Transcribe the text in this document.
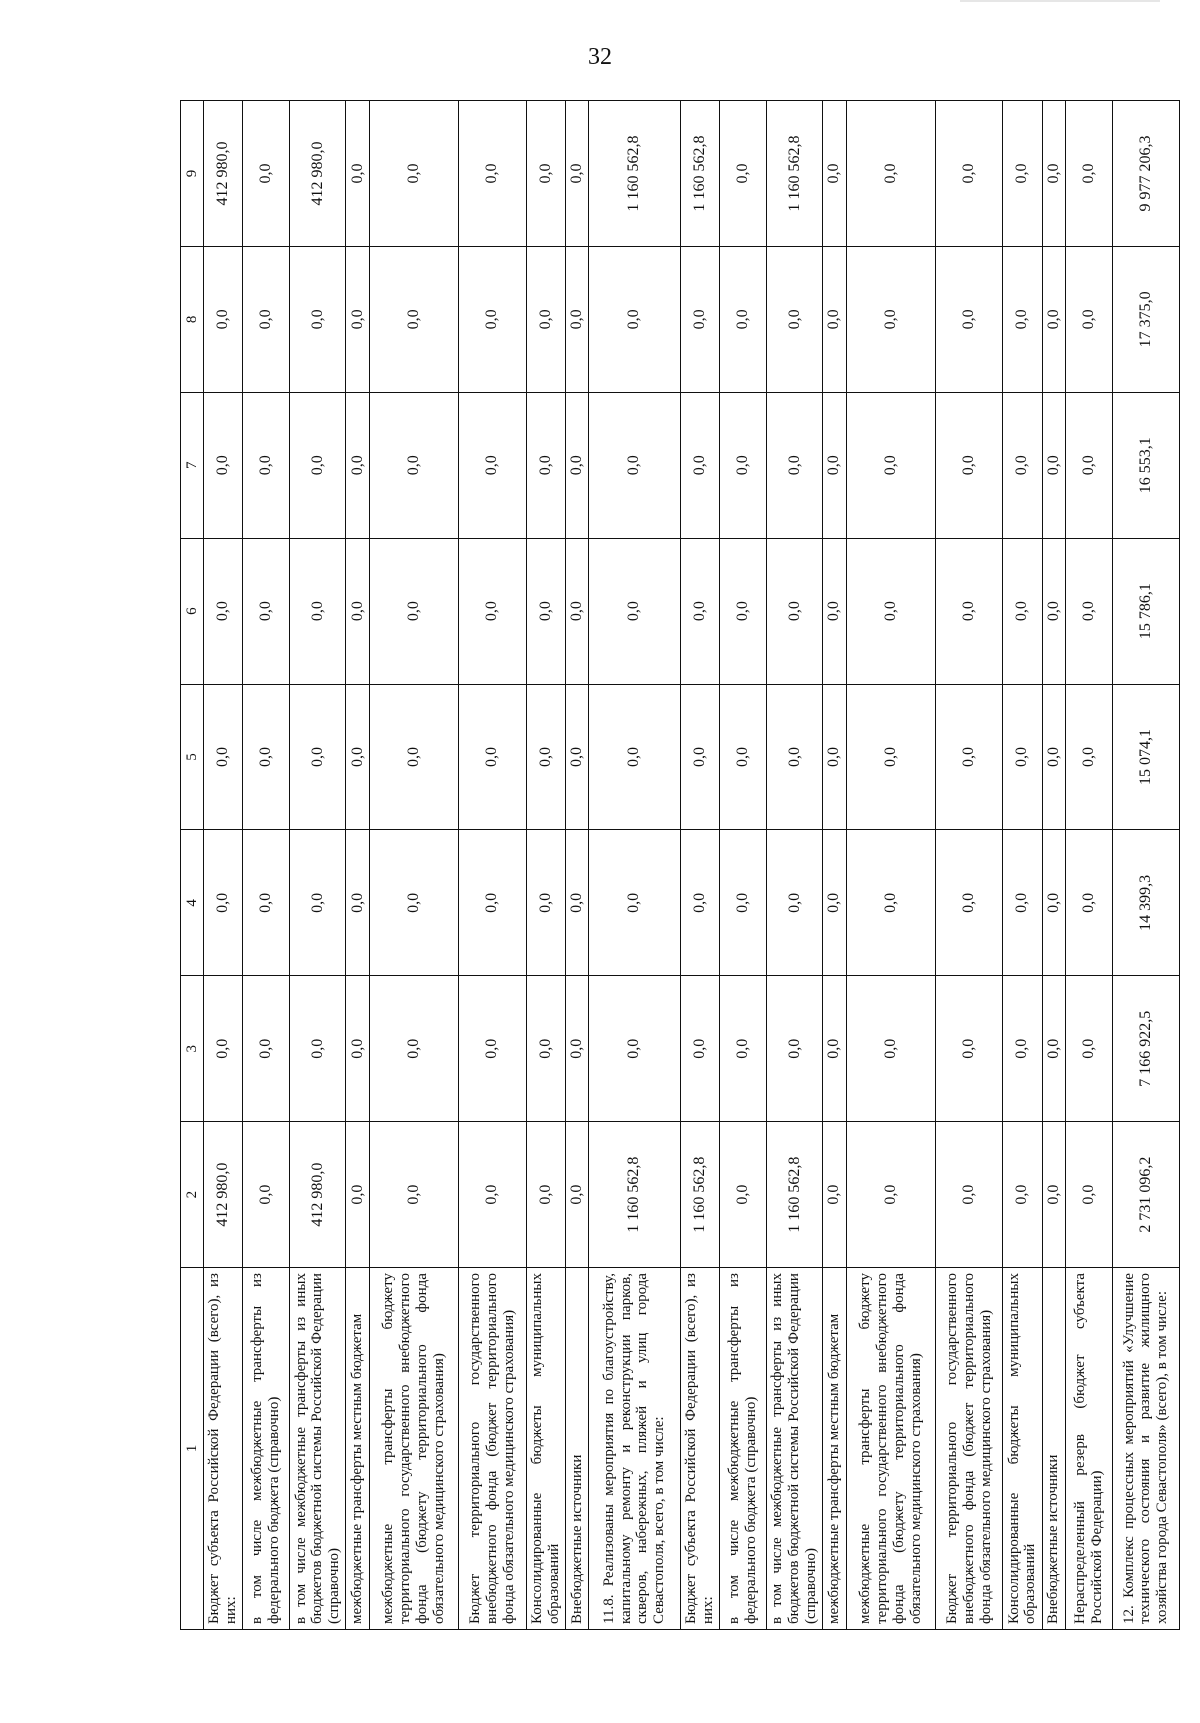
32
1	2	3	4	5	6	7	8	9
Бюджет субъекта Российской Федерации (всего), из них:	412 980,0	0,0	0,0	0,0	0,0	0,0	0,0	412 980,0
в том числе межбюджетные трансферты из федерального бюджета (справочно)	0,0	0,0	0,0	0,0	0,0	0,0	0,0	0,0
в том числе межбюджетные трансферты из иных бюджетов бюджетной системы Российской Федерации (справочно)	412 980,0	0,0	0,0	0,0	0,0	0,0	0,0	412 980,0
межбюджетные трансферты местным бюджетам	0,0	0,0	0,0	0,0	0,0	0,0	0,0	0,0
межбюджетные трансферты бюджету территориального государственного внебюджетного фонда (бюджету территориального фонда обязательного медицинского страхования)	0,0	0,0	0,0	0,0	0,0	0,0	0,0	0,0
Бюджет территориального государственного внебюджетного фонда (бюджет территориального фонда обязательного медицинского страхования)	0,0	0,0	0,0	0,0	0,0	0,0	0,0	0,0
Консолидированные бюджеты муниципальных образований	0,0	0,0	0,0	0,0	0,0	0,0	0,0	0,0
Внебюджетные источники	0,0	0,0	0,0	0,0	0,0	0,0	0,0	0,0
11.8. Реализованы мероприятия по благоустройству, капитальному ремонту и реконструкции парков, скверов, набережных, пляжей и улиц города Севастополя, всего, в том числе:	1 160 562,8	0,0	0,0	0,0	0,0	0,0	0,0	1 160 562,8
Бюджет субъекта Российской Федерации (всего), из них:	1 160 562,8	0,0	0,0	0,0	0,0	0,0	0,0	1 160 562,8
в том числе межбюджетные трансферты из федерального бюджета (справочно)	0,0	0,0	0,0	0,0	0,0	0,0	0,0	0,0
в том числе межбюджетные трансферты из иных бюджетов бюджетной системы Российской Федерации (справочно)	1 160 562,8	0,0	0,0	0,0	0,0	0,0	0,0	1 160 562,8
межбюджетные трансферты местным бюджетам	0,0	0,0	0,0	0,0	0,0	0,0	0,0	0,0
межбюджетные трансферты бюджету территориального государственного внебюджетного фонда (бюджету территориального фонда обязательного медицинского страхования)	0,0	0,0	0,0	0,0	0,0	0,0	0,0	0,0
Бюджет территориального государственного внебюджетного фонда (бюджет территориального фонда обязательного медицинского страхования)	0,0	0,0	0,0	0,0	0,0	0,0	0,0	0,0
Консолидированные бюджеты муниципальных образований	0,0	0,0	0,0	0,0	0,0	0,0	0,0	0,0
Внебюджетные источники	0,0	0,0	0,0	0,0	0,0	0,0	0,0	0,0
Нераспределенный резерв (бюджет субъекта Российской Федерации)	0,0	0,0	0,0	0,0	0,0	0,0	0,0	0,0
12. Комплекс процессных мероприятий «Улучшение технического состояния и развитие жилищного хозяйства города Севастополя» (всего), в том числе:	2 731 096,2	7 166 922,5	14 399,3	15 074,1	15 786,1	16 553,1	17 375,0	9 977 206,3
